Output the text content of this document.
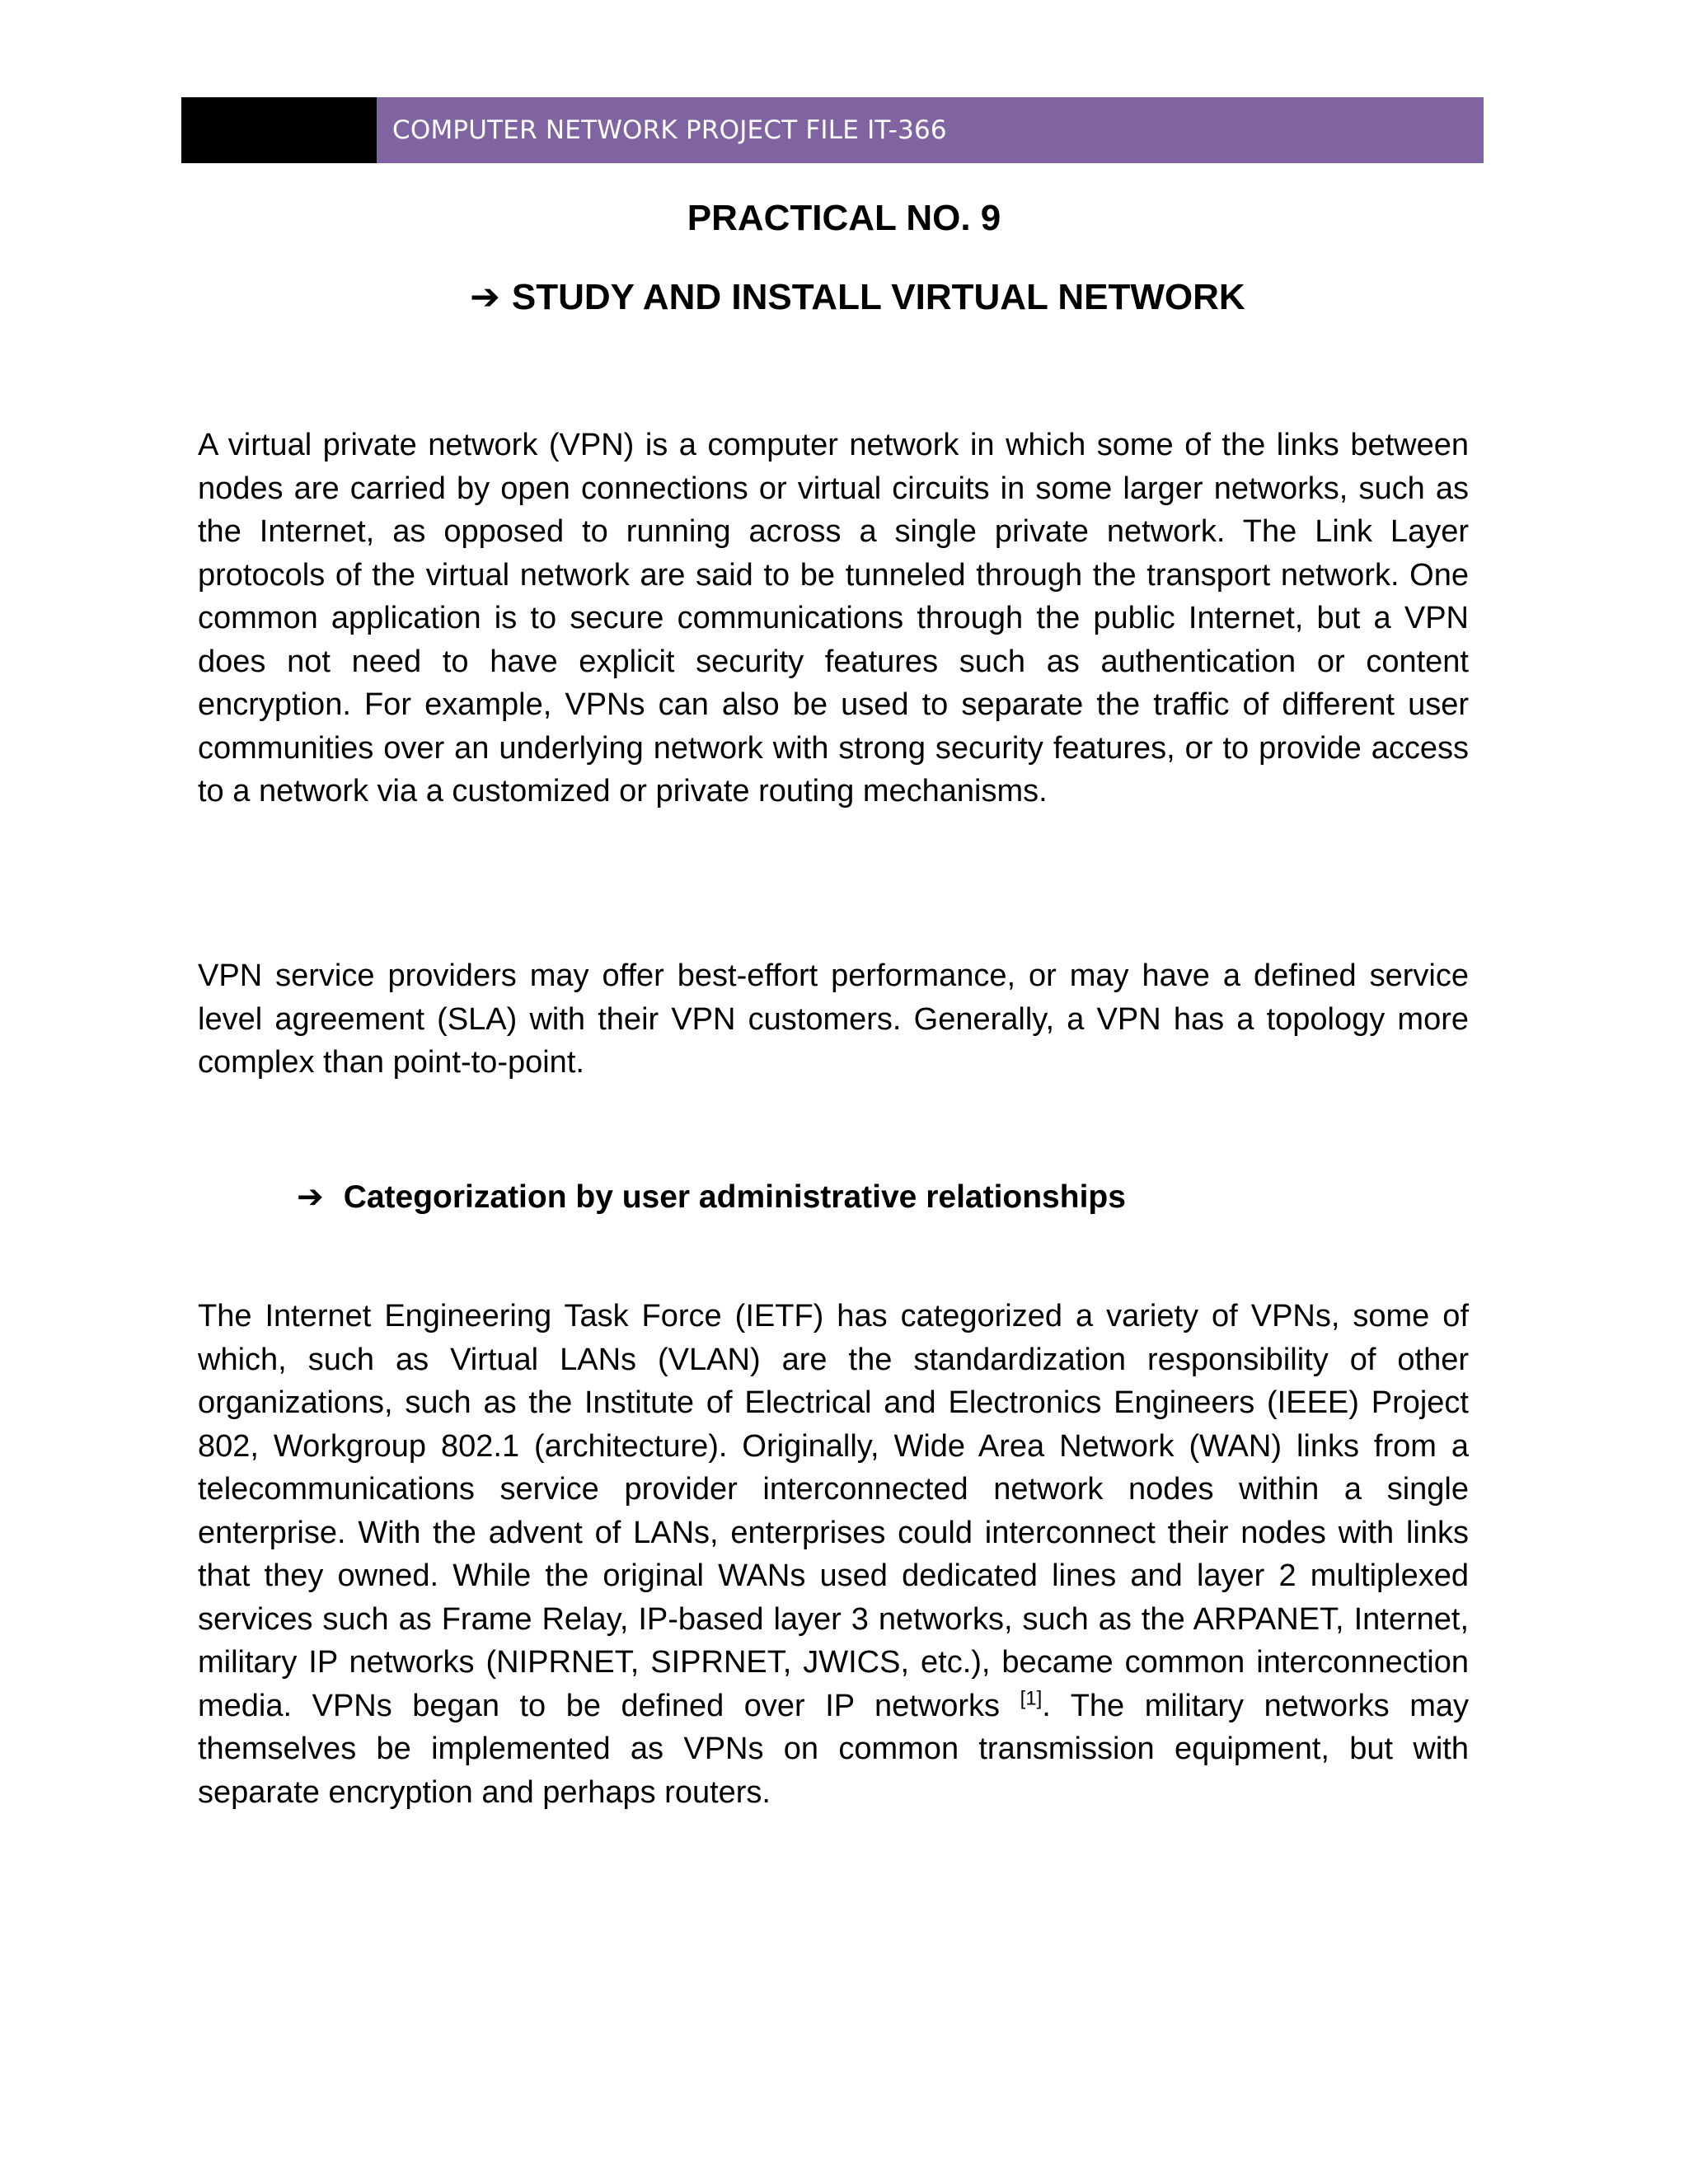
COMPUTER NETWORK PROJECT FILE IT-366
PRACTICAL NO. 9
➔ STUDY AND INSTALL VIRTUAL NETWORK

A virtual private network (VPN) is a computer network in which some of the links between nodes are carried by open connections or virtual circuits in some larger networks, such as the Internet, as opposed to running across a single private network. The Link Layer protocols of the virtual network are said to be tunneled through the transport network. One common application is to secure communications through the public Internet, but a VPN does not need to have explicit security features such as authentication or content encryption. For example, VPNs can also be used to separate the traffic of different user communities over an underlying network with strong security features, or to provide access to a network via a customized or private routing mechanisms.

VPN service providers may offer best-effort performance, or may have a defined service level agreement (SLA) with their VPN customers. Generally, a VPN has a topology more complex than point-to-point.

➔ Categorization by user administrative relationships

The Internet Engineering Task Force (IETF) has categorized a variety of VPNs, some of which, such as Virtual LANs (VLAN) are the standardization responsibility of other organizations, such as the Institute of Electrical and Electronics Engineers (IEEE) Project 802, Workgroup 802.1 (architecture). Originally, Wide Area Network (WAN) links from a telecommunications service provider interconnected network nodes within a single enterprise. With the advent of LANs, enterprises could interconnect their nodes with links that they owned. While the original WANs used dedicated lines and layer 2 multiplexed services such as Frame Relay, IP-based layer 3 networks, such as the ARPANET, Internet, military IP networks (NIPRNET, SIPRNET, JWICS, etc.), became common interconnection media. VPNs began to be defined over IP networks [1]. The military networks may themselves be implemented as VPNs on common transmission equipment, but with separate encryption and perhaps routers.
